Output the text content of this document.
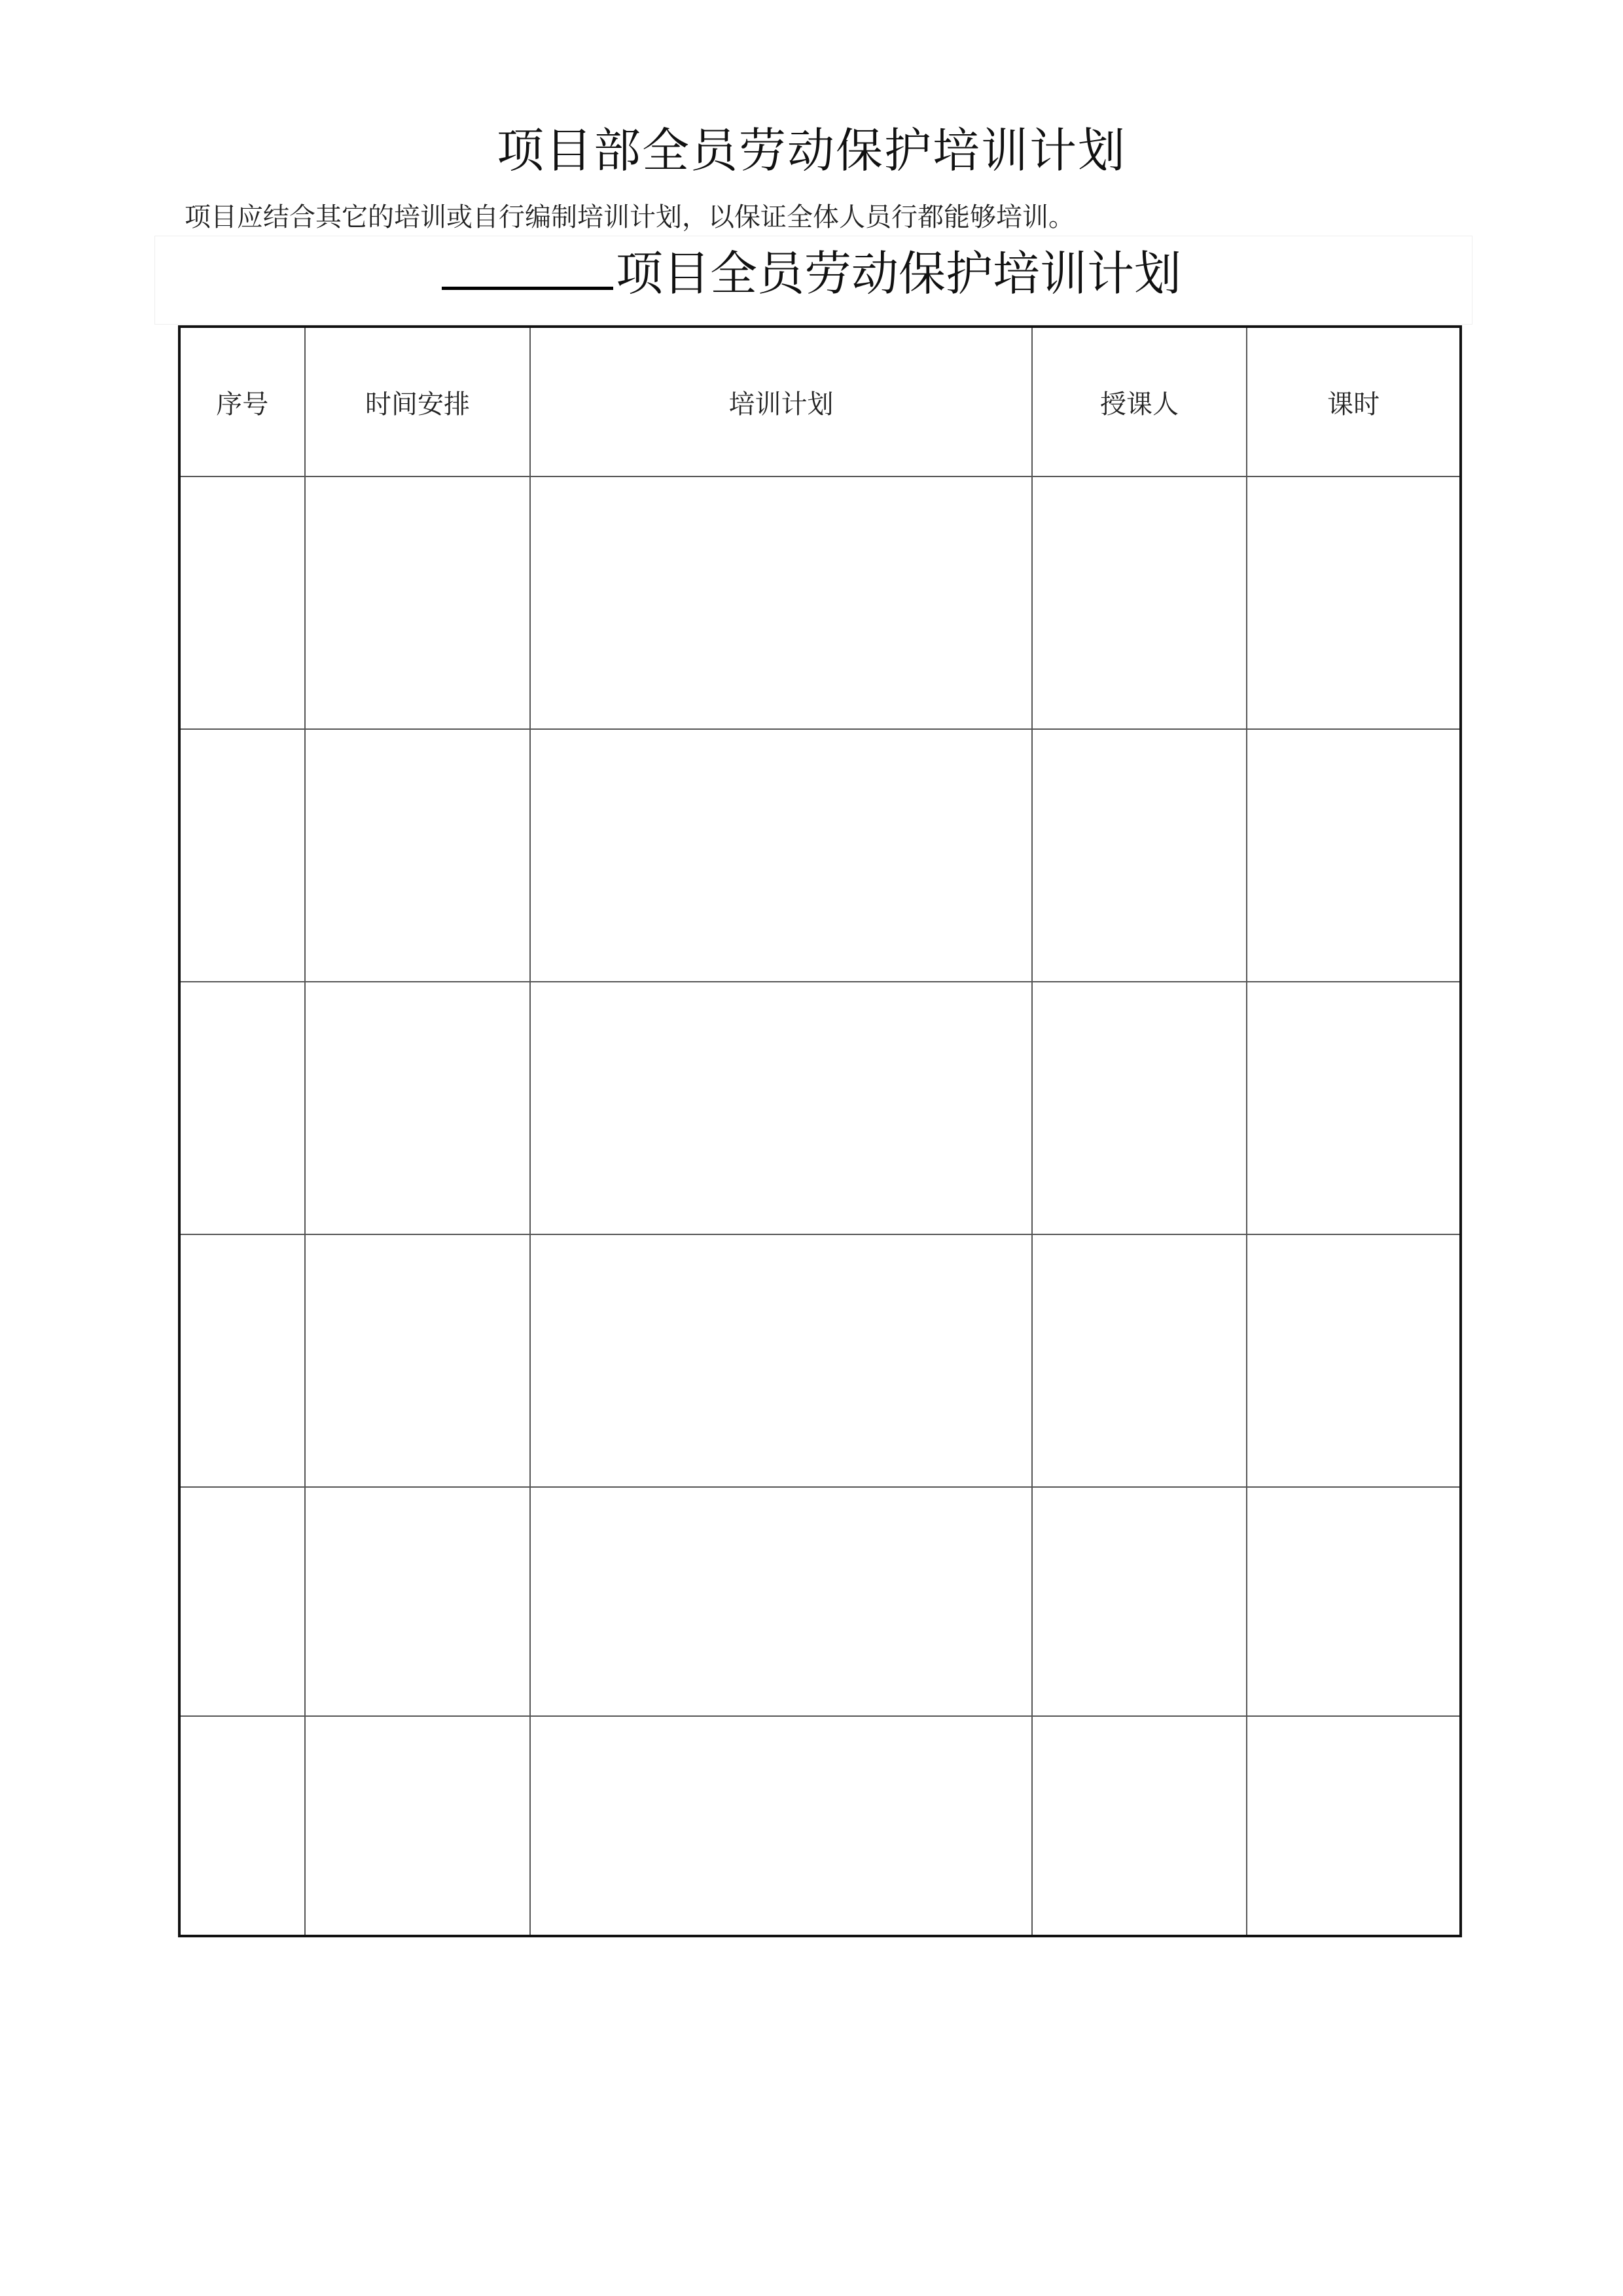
项目部全员劳动保护培训计划
项目应结合其它的培训或自行编制培训计划，以保证全体人员行都能够培训。
项目全员劳动保护培训计划
序号	时间安排	培训计划	授课人	课时
